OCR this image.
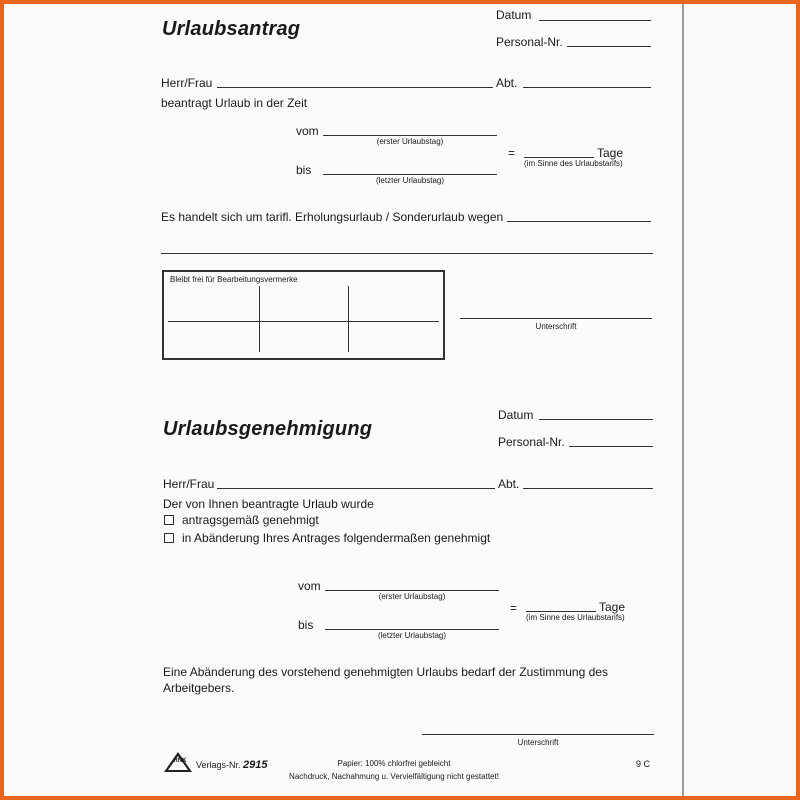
Urlaubsantrag
Datum
Personal-Nr.
Herr/Frau	Abt.
beantragt Urlaub in der Zeit
vom
(erster Urlaubstag)
=	Tage
(im Sinne des Urlaubstarifs)
bis
(letzter Urlaubstag)
Es handelt sich um tarifl. Erholungsurlaub / Sonderurlaub wegen
Bleibt frei für Bearbeitungsvermerke
Unterschrift
Datum
Urlaubsgenehmigung
Personal-Nr.
Herr/Frau	Abt.
Der von Ihnen beantragte Urlaub wurde
antragsgemäß genehmigt
in Abänderung Ihres Antrages folgendermaßen genehmigt
vom
(erster Urlaubstag)
=	Tage
(im Sinne des Urlaubstarifs)
bis
(letzter Urlaubstag)
Eine Abänderung des vorstehend genehmigten Urlaubs bedarf der Zustimmung des
Arbeitgebers.
Unterschrift
RNK	Verlags-Nr. 2915	Papier: 100% chlorfrei gebleicht
Nachdruck, Nachahmung u. Vervielfältigung nicht gestattet!
9 C
